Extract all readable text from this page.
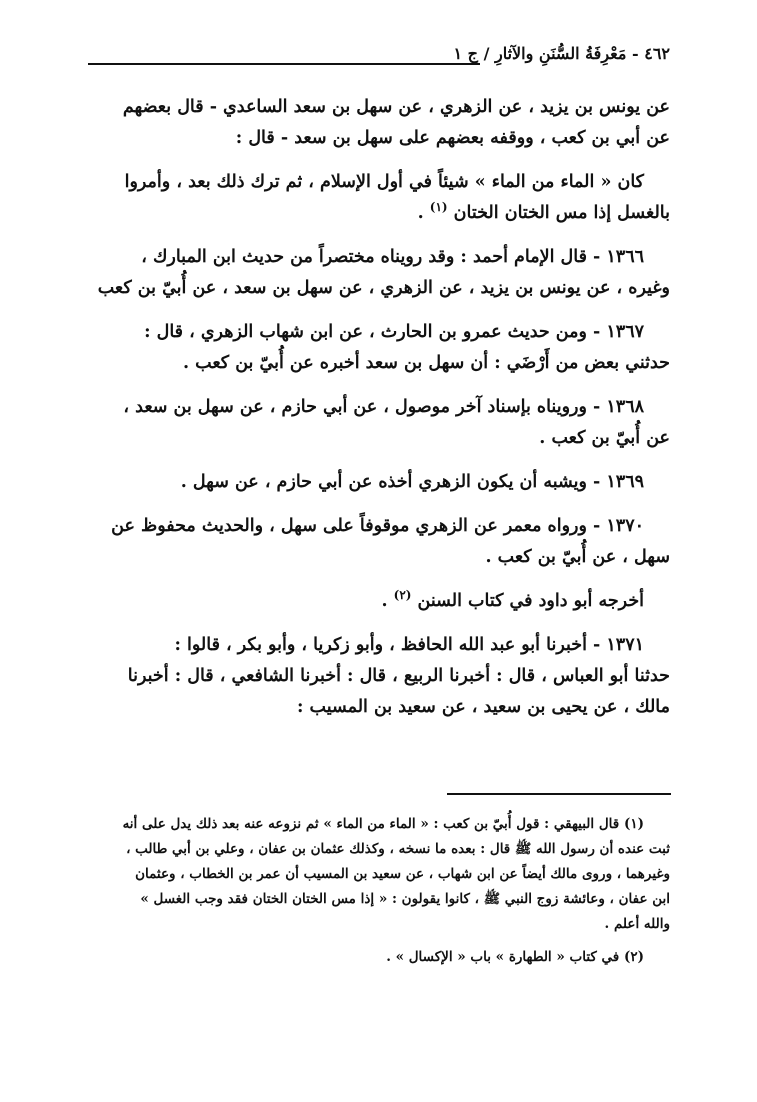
٤٦٢ - مَعْرِفَةُ السُّنَنِ والآثارِ / ج ١

عن يونس بن يزيد ، عن الزهري ، عن سهل بن سعد الساعدي - قال بعضهم

عن أبي بن كعب ، ووقفه بعضهم على سهل بن سعد - قال :

كان « الماء من الماء » شيئاً في أول الإسلام ، ثم ترك ذلك بعد ، وأمروا

بالغسل إذا مس الختان الختان $^{(١)}$ .

١٣٦٦ - قال الإمام أحمد : وقد رويناه مختصراً من حديث ابن المبارك ،

وغيره ، عن يونس بن يزيد ، عن الزهري ، عن سهل بن سعد ، عن أُبيّ بن كعب

١٣٦٧ - ومن حديث عمرو بن الحارث ، عن ابن شهاب الزهري ، قال :

حدثني بعض من أَرْضَي : أن سهل بن سعد أخبره عن أُبيّ بن كعب .

١٣٦٨ - ورويناه بإسناد آخر موصول ، عن أبي حازم ، عن سهل بن سعد ،

عن أُبيّ بن كعب .

١٣٦٩ - ويشبه أن يكون الزهري أخذه عن أبي حازم ، عن سهل .

١٣٧٠ - ورواه معمر عن الزهري موقوفاً على سهل ، والحديث محفوظ عن

سهل ، عن أُبيّ بن كعب .

أخرجه أبو داود في كتاب السنن $^{(٢)}$ .

١٣٧١ - أخبرنا أبو عبد الله الحافظ ، وأبو زكريا ، وأبو بكر ، قالوا :

حدثنا أبو العباس ، قال : أخبرنا الربيع ، قال : أخبرنا الشافعي ، قال : أخبرنا

مالك ، عن يحيى بن سعيد ، عن سعيد بن المسيب :

(١) قال البيهقي : قول أُبيّ بن كعب : « الماء من الماء » ثم نزوعه عنه بعد ذلك يدل على أنه

ثبت عنده أن رسول الله ﷺ قال : بعده ما نسخه ، وكذلك عثمان بن عفان ، وعلي بن أبي طالب ،

وغيرهما ، وروى مالك أيضاً عن ابن شهاب ، عن سعيد بن المسيب أن عمر بن الخطاب ، وعثمان

ابن عفان ، وعائشة زوج النبي ﷺ ، كانوا يقولون : « إذا مس الختان الختان فقد وجب الغسل »

والله أعلم .

(٢) في كتاب « الطهارة » باب « الإكسال » .
